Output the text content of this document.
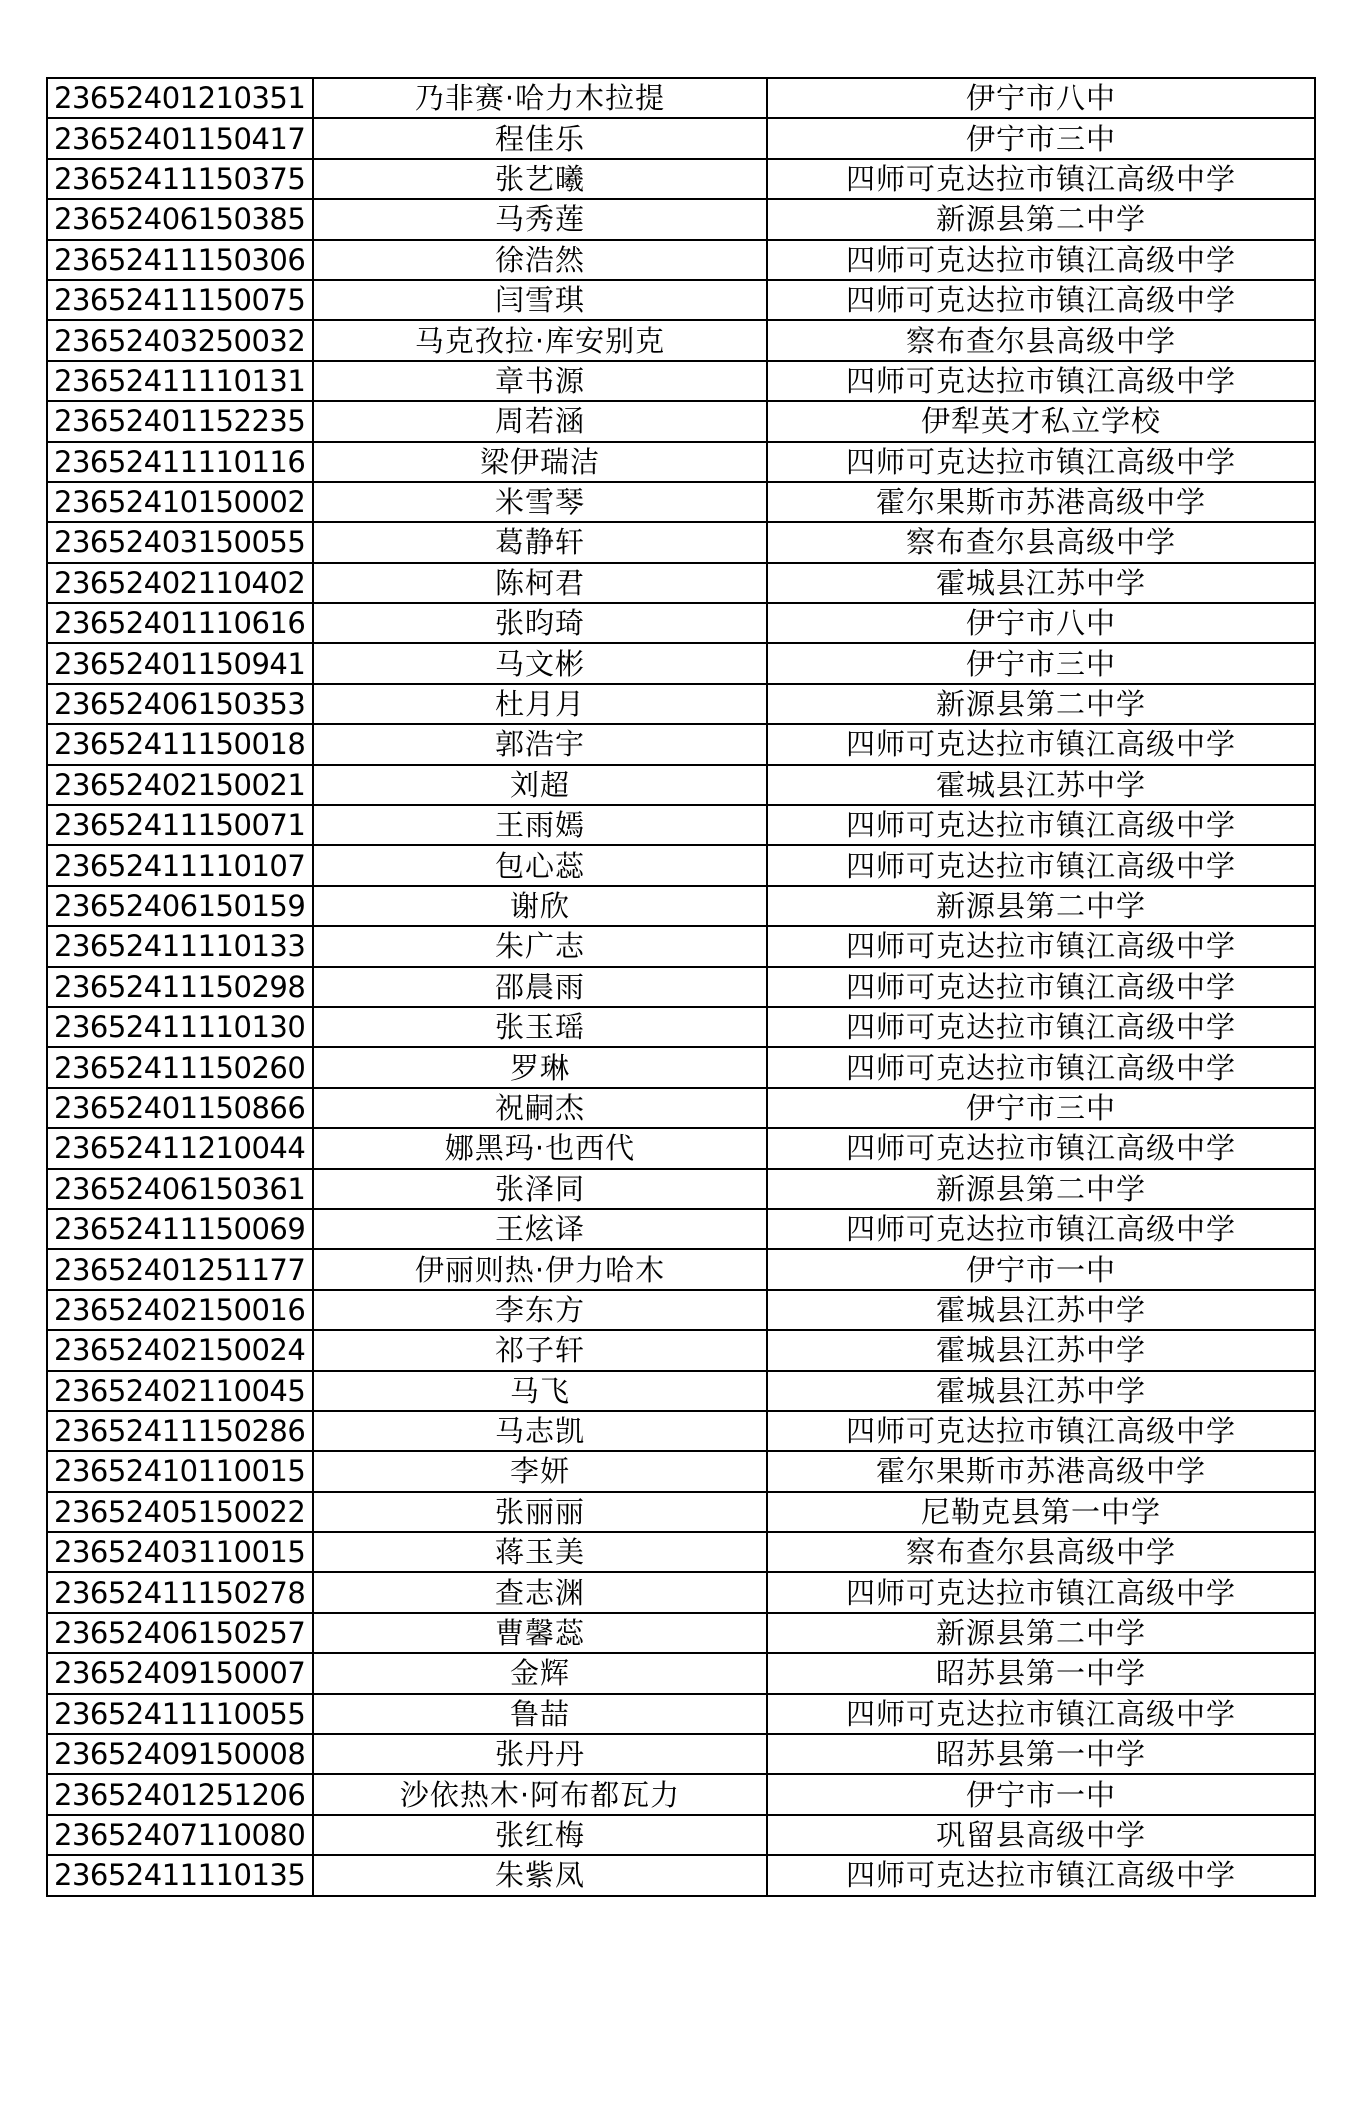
23652401210351	乃非赛·哈力木拉提	伊宁市八中
23652401150417	程佳乐	伊宁市三中
23652411150375	张艺曦	四师可克达拉市镇江高级中学
23652406150385	马秀莲	新源县第二中学
23652411150306	徐浩然	四师可克达拉市镇江高级中学
23652411150075	闫雪琪	四师可克达拉市镇江高级中学
23652403250032	马克孜拉·库安别克	察布查尔县高级中学
23652411110131	章书源	四师可克达拉市镇江高级中学
23652401152235	周若涵	伊犁英才私立学校
23652411110116	梁伊瑞洁	四师可克达拉市镇江高级中学
23652410150002	米雪琴	霍尔果斯市苏港高级中学
23652403150055	葛静轩	察布查尔县高级中学
23652402110402	陈柯君	霍城县江苏中学
23652401110616	张昀琦	伊宁市八中
23652401150941	马文彬	伊宁市三中
23652406150353	杜月月	新源县第二中学
23652411150018	郭浩宇	四师可克达拉市镇江高级中学
23652402150021	刘超	霍城县江苏中学
23652411150071	王雨嫣	四师可克达拉市镇江高级中学
23652411110107	包心蕊	四师可克达拉市镇江高级中学
23652406150159	谢欣	新源县第二中学
23652411110133	朱广志	四师可克达拉市镇江高级中学
23652411150298	邵晨雨	四师可克达拉市镇江高级中学
23652411110130	张玉瑶	四师可克达拉市镇江高级中学
23652411150260	罗琳	四师可克达拉市镇江高级中学
23652401150866	祝嗣杰	伊宁市三中
23652411210044	娜黑玛·也西代	四师可克达拉市镇江高级中学
23652406150361	张泽同	新源县第二中学
23652411150069	王炫译	四师可克达拉市镇江高级中学
23652401251177	伊丽则热·伊力哈木	伊宁市一中
23652402150016	李东方	霍城县江苏中学
23652402150024	祁子轩	霍城县江苏中学
23652402110045	马飞	霍城县江苏中学
23652411150286	马志凯	四师可克达拉市镇江高级中学
23652410110015	李妍	霍尔果斯市苏港高级中学
23652405150022	张丽丽	尼勒克县第一中学
23652403110015	蒋玉美	察布查尔县高级中学
23652411150278	查志渊	四师可克达拉市镇江高级中学
23652406150257	曹馨蕊	新源县第二中学
23652409150007	金辉	昭苏县第一中学
23652411110055	鲁喆	四师可克达拉市镇江高级中学
23652409150008	张丹丹	昭苏县第一中学
23652401251206	沙依热木·阿布都瓦力	伊宁市一中
23652407110080	张红梅	巩留县高级中学
23652411110135	朱紫凤	四师可克达拉市镇江高级中学
